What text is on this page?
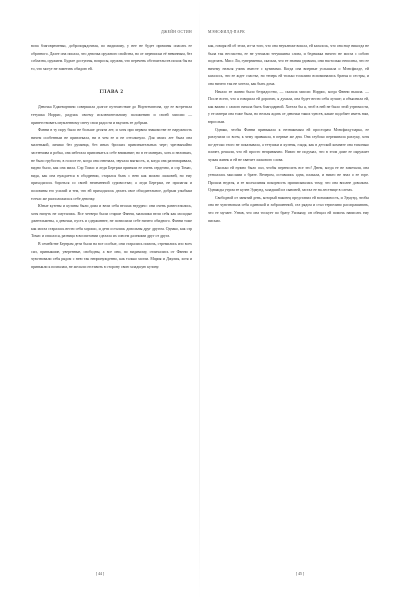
ДЖЕЙН ОСТИН

вопа благовременьи, добропорядочная, по видимому, у нее не будет причины опасать ее обратного. Далее она писала, что девочка оружного свойства, но от переписки её невинным, без соблазна, оружием. Будьте доступны, вопросы, оружна, что перечень обстоятельств похож бы на то, что могут не заметить обидою ей.

ГЛАВА 2

Девочка Еджевортини совершила долгое путешествие до Нортгемптона, где ее встретила тетушка Норрис, радуясь своему исключительному положению и своей миссии — приветствовать изумленному свету свои радости и вкупать ее добрым.

Фанни в ту пору было не больше десяти лет, и хотя при первом знакомстве ее наружность ничем особенным не привлекала, ни в чем ее и не оттолкнуло. Для своих лет была она маленькой, личико без румянца, без иных броских привлекательных черт; чрезвычайно застенчива и робка, она избегала привлекать к себе внимание; но в ее манерах, хоть и неловких, не было грубости, в голосе ее, когда она отвечала, звучала мягкость, и, когда она разговаривала, видно было, как она мила. Сэр Томас и леди Бертрам приняли ее очень сердечно, и сэр Томас, видя, как она нуждается в ободрении, старался быть с нею как можно ласковей, но ему приходилось бороться со своей неизменной суровостью; а леди Бертрам, не прилагая и половины его усилий и тем, что ей приходилось делать свое обходительное, добрым улыбкам тотчас же расположила к себе девочку.

Юные кузены и кузины были дома и вели себя весьма недурно: они очень развеселились, хотя ничуть не смутились. Все четверо были старше Фанни, мальчики вели себя как молодые джентльмены, а девочки, пусть и сдержаннее, не позволили себе ничего обидного. Фанни тоже как могла старалась вести себя хорошо, и дети остались довольны друг другом. Однако, как сэр Томас и опасался, разница в воспитании сделала их совсем далекими друг от друга.

В семействе Бертрам дети были на все особые, они старались помочь, стремились изо всех сил, привыкшие, уверенные, свободны, а все они, по видимому, отличались от Фанни и чувствовали себя рядом с нею так непринужденно, как только могли. Мария и Джулия, хотя и привыкли к похвалам, не желали отставить в сторону свою младшую кузину.

[ 44 ]
МЭНСФИЛД-ПАРК

как, говоря ей об этом, из-за того, что она неуклюже вошла, ей казалось, что она еще никогда не была так несчастна, ее не утешали тетушкины слова, и бедняжка ничего не могла с собою поделать. Мисс Ли, гувернантка, сказала, что ее знания удивили, они настолько неполны, что ее ничему нельзя учить вместе с кузинами. Когда она впервые услышала о Мэнсфилде, ей казалось, что ее ждет счастье, но теперь ей только тоскливо вспоминались братья и сестры, и она ничего так не хотела, как быть дома.

Начало ее жизни было безрадостно, — сказала миссис Норрис, когда Фанни вышла. — После всего, что я говорила ей дорогою, я думала, она будет вести себя лучше; я объяснила ей, как важно с самого начала быть благодарной. Хотела бы я, чтоб в ней не было этой угрюмости, у ее матери она тоже была, но нельзя ждать от девочки таких чувств, какие подобает иметь нам, взрослым.

Однако, чтобы Фанни привыкала к незнакомым ей просторам Мэнсфилд-парка, ее разлучили со всем, к чему привыкла, в первые же дни. Она глубоко переживала разлуку, хотя по-детски этого не показывала, а тетушки и кузены, глядя, как в детской комнате она тихонько плачет, решали, что ей просто непривычно. Никто не подумал, что в этом доме ее окружает чужая жизнь и ей не хватает ласкового слова.

Сколько ей нужно было сил, чтобы переносить все это! Днем, когда ее не замечали, она утешалась мыслями о брате. Вечером, оставшись одна, плакала, и никто не знал о ее горе. Прошла неделя, и ее молчаливая покорность приписывалась тому, что она вполне довольна. Однажды утром ее кузен Эдмунд, младший из сыновей, застал ее на лестнице в слезах.

Свободной от занятий день, который наконец представил ей возможность, и Эдмунд, чтобы она не чувствовала себя одинокой и заброшенной, сел рядом и стал терпеливо расспрашивать, что ее мучает. Узнав, что она тоскует по брату Уильяму, он обещал ей помочь написать ему письмо.

[ 45 ]
